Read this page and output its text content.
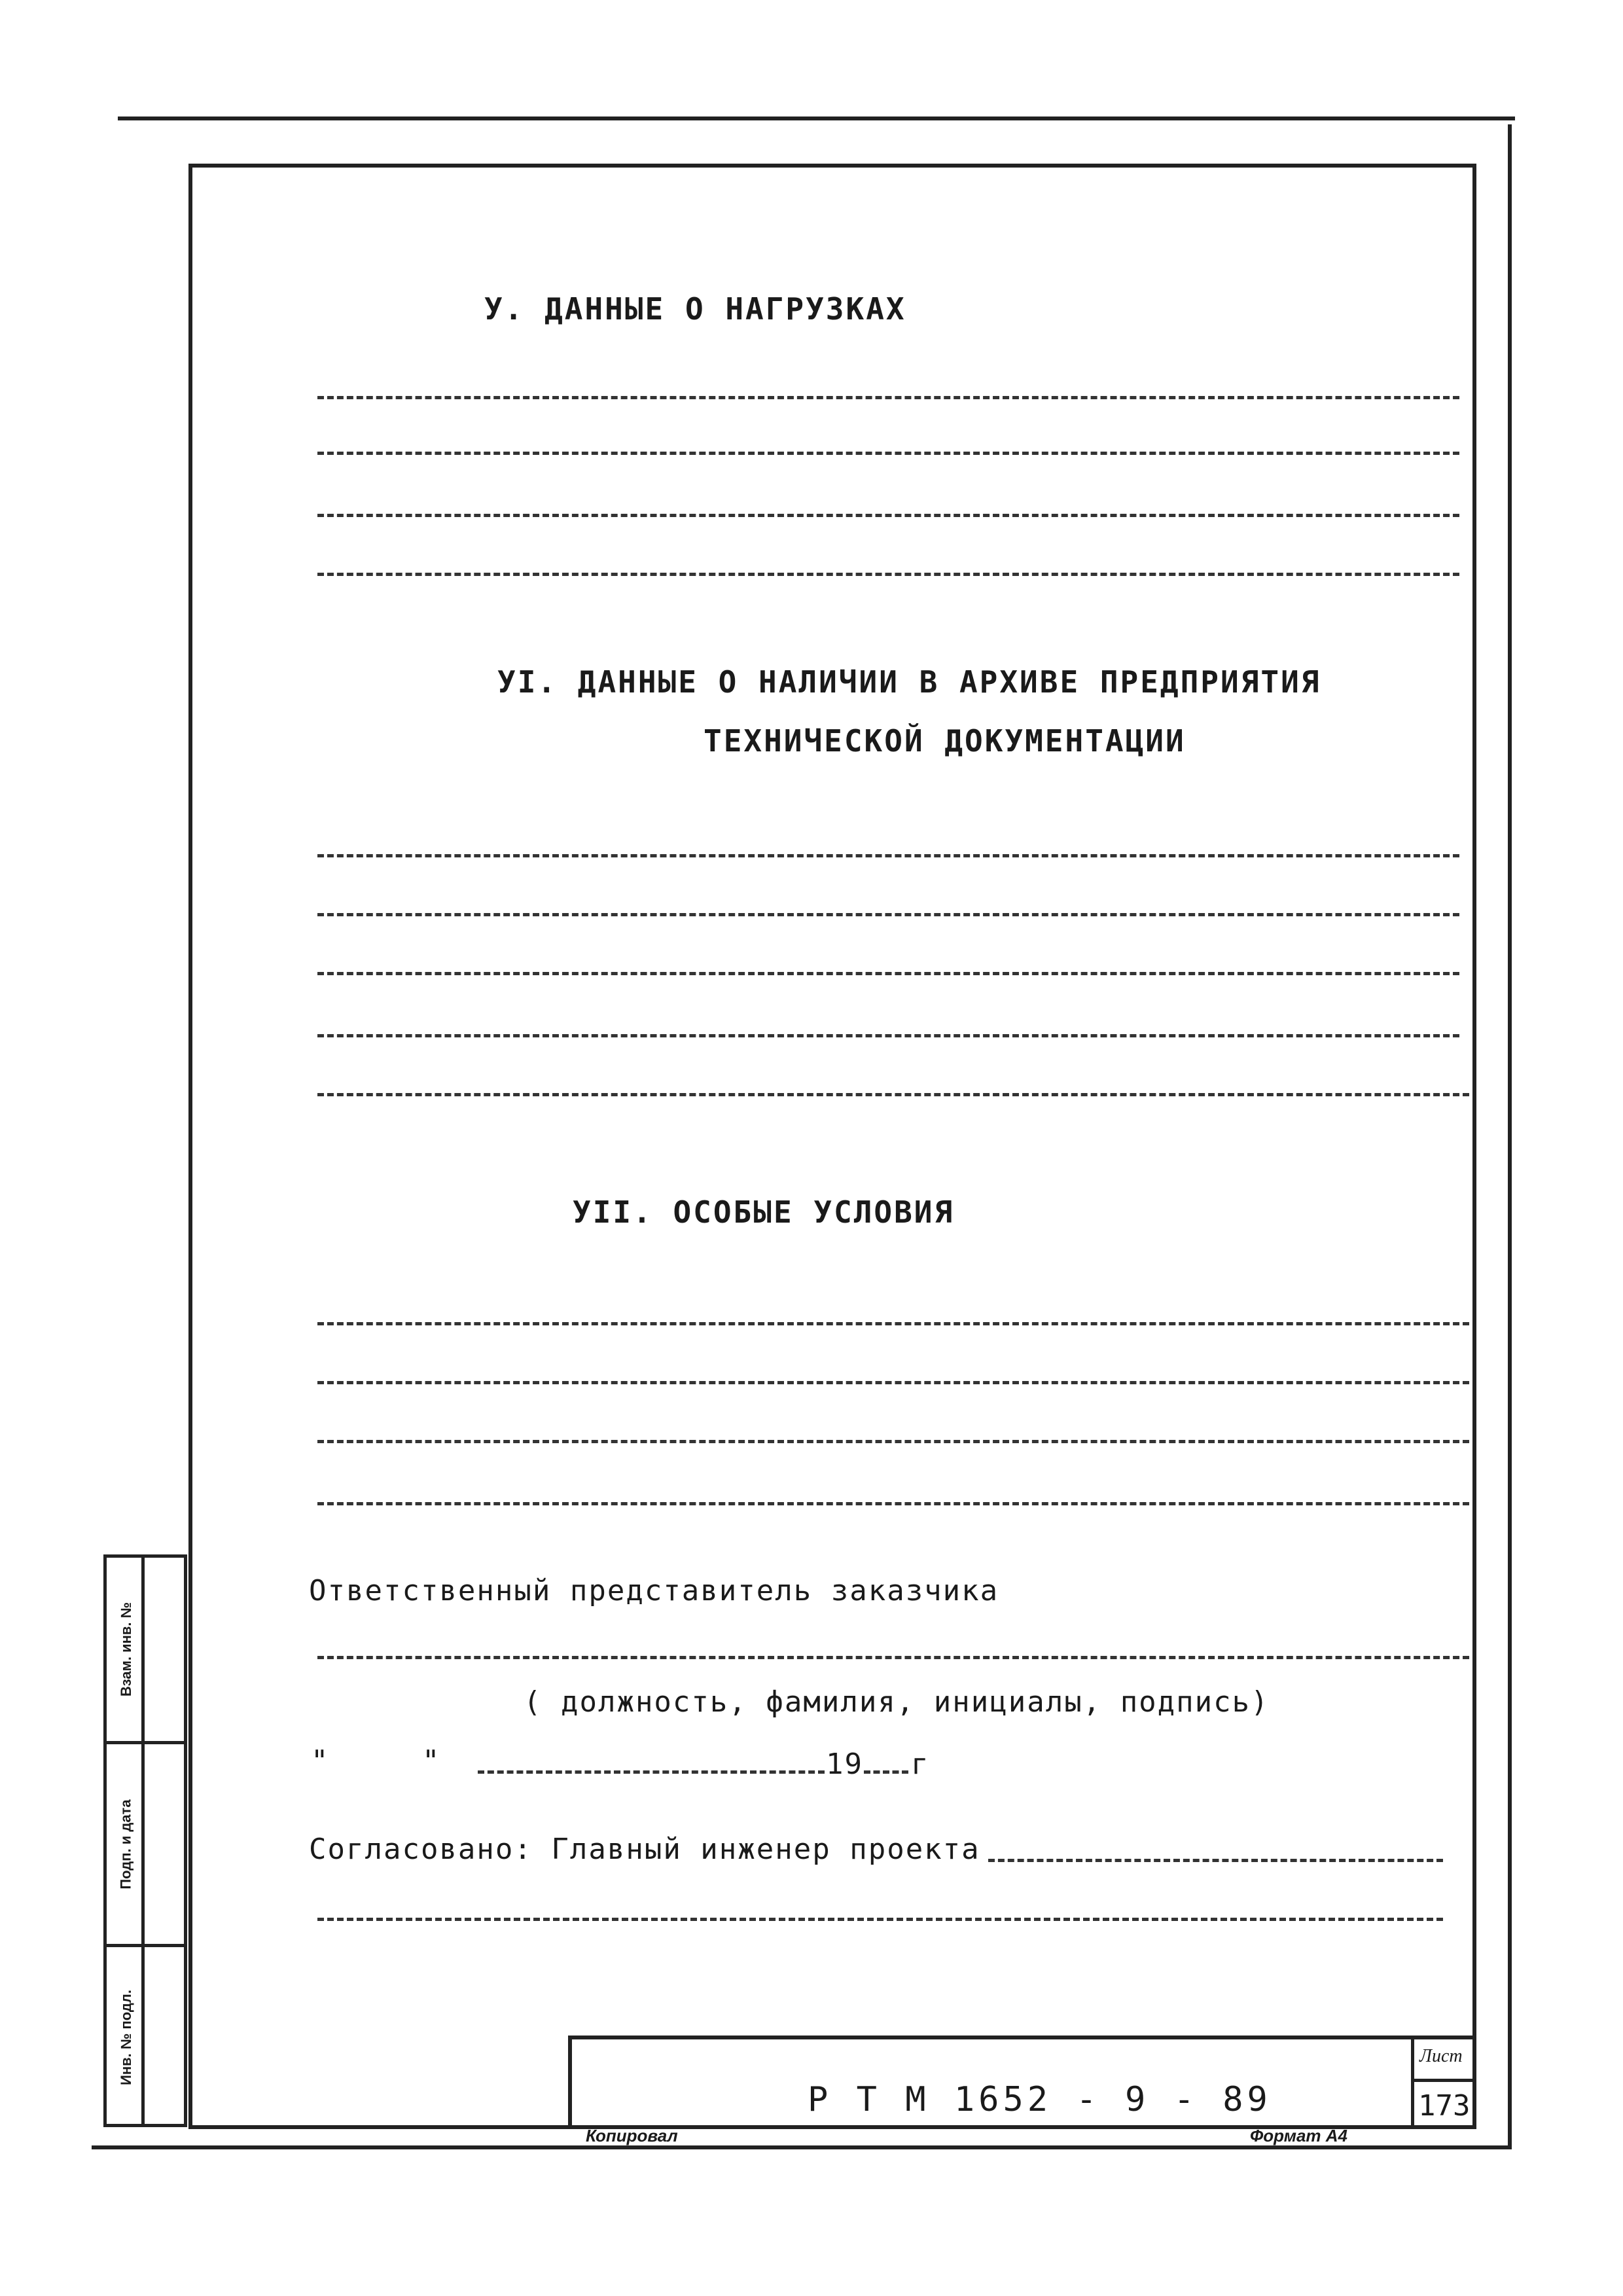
У. ДАННЫЕ О НАГРУЗКАХ
УI. ДАННЫЕ О НАЛИЧИИ В АРХИВЕ ПРЕДПРИЯТИЯ
ТЕХНИЧЕСКОЙ ДОКУМЕНТАЦИИ
УII. ОСОБЫЕ УСЛОВИЯ
Ответственный представитель заказчика
( должность, фамилия, инициалы, подпись)
"	"	19 г
Согласовано: Главный инженер проекта
Взам. инв. №
Подп. и дата
Инв. № подл.
Р Т М 1652 - 9 - 89
Лист
173
Копировал	Формат А4
